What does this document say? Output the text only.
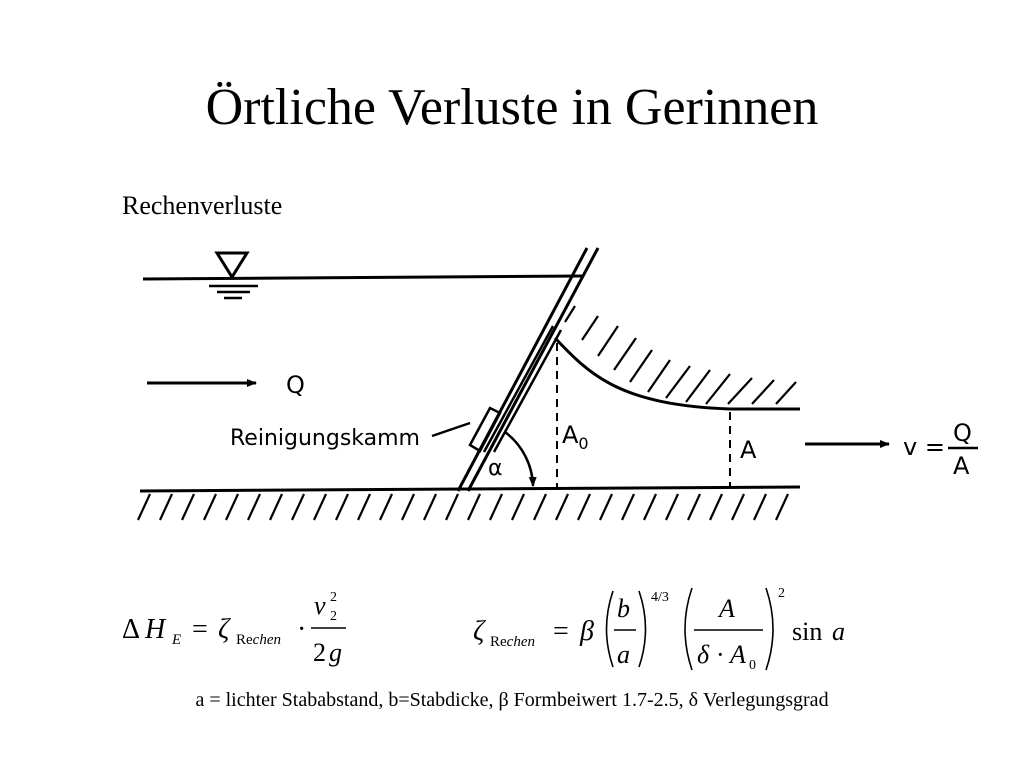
Örtliche Verluste in Gerinnen
Rechenverluste
Q
Reinigungskamm
α
$A_0$	A	v = Q
A
Δ H E = ζ Rechen ·
v 2
2
2 g
ζ Rechen = β
b
a
4/3 A
δ · A 0
2
sin a
a = lichter Stababstand, b=Stabdicke, β Formbeiwert 1.7-2.5, δ Verlegungsgrad
